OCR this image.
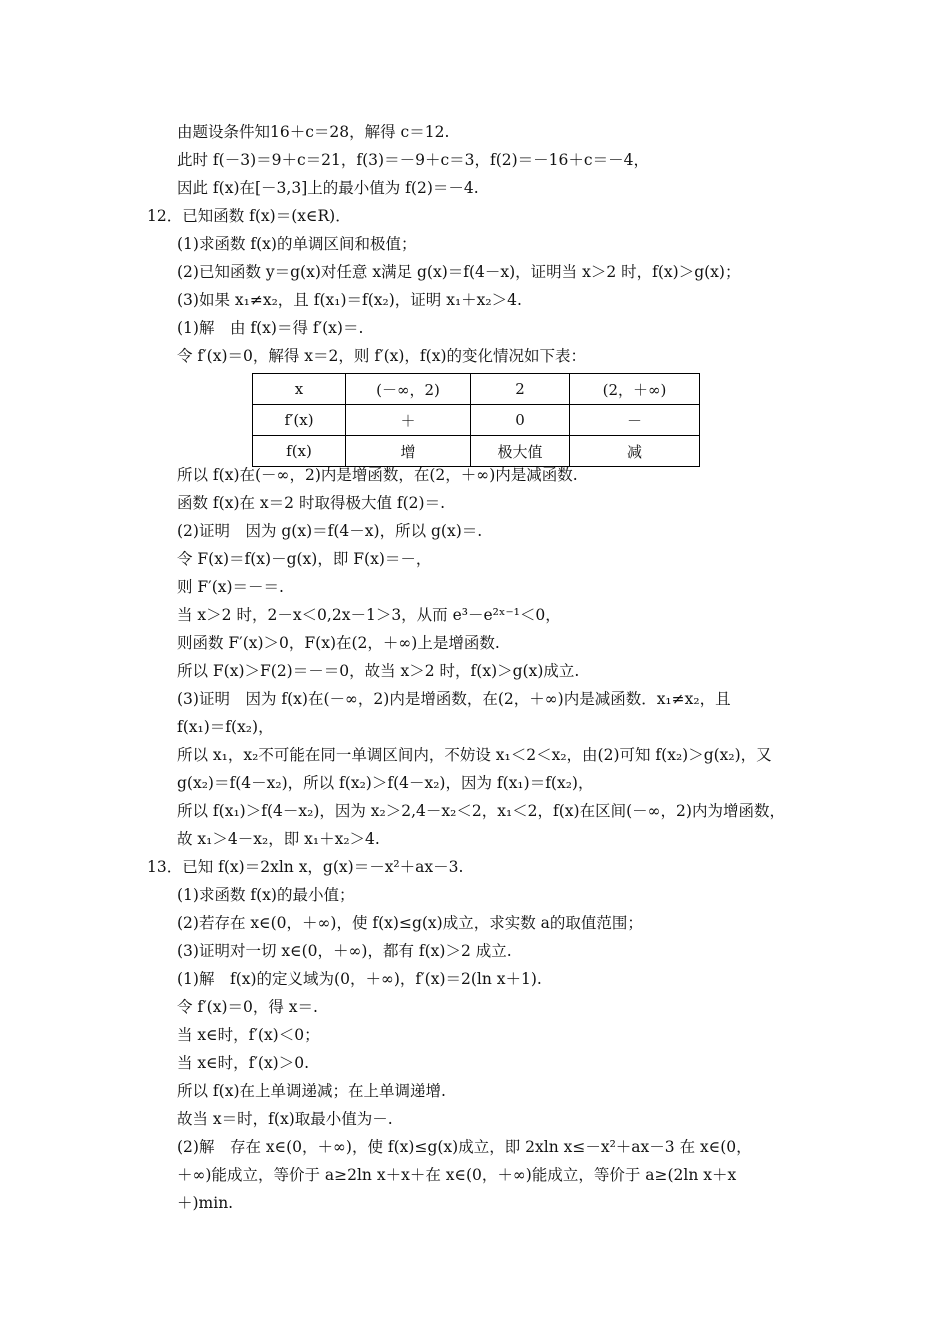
由题设条件知16＋c＝28，解得 c＝12.
此时 f(－3)＝9＋c＝21，f(3)＝－9＋c＝3，f(2)＝－16＋c＝－4，
因此 f(x)在[－3,3]上的最小值为 f(2)＝－4.
12．已知函数 f(x)＝(x∈R)．
(1)求函数 f(x)的单调区间和极值；
(2)已知函数 y＝g(x)对任意 x满足 g(x)＝f(4－x)，证明当 x＞2 时，f(x)＞g(x)；
(3)如果 x₁≠x₂，且 f(x₁)＝f(x₂)，证明 x₁＋x₂＞4.
(1)解　由 f(x)＝得 f′(x)＝.
令 f′(x)＝0，解得 x＝2，则 f′(x)，f(x)的变化情况如下表：
x	(－∞，2)	2	(2，＋∞)
f′(x)	＋	0	－
f(x)	增	极大值	减
所以 f(x)在(－∞，2)内是增函数，在(2，＋∞)内是减函数.
函数 f(x)在 x＝2 时取得极大值 f(2)＝.
(2)证明　因为 g(x)＝f(4－x)，所以 g(x)＝.
令 F(x)＝f(x)－g(x)，即 F(x)＝－，
则 F′(x)＝－＝.
当 x＞2 时，2－x＜0,2x－1＞3，从而 e³－e²ˣ⁻¹＜0，
则函数 F′(x)＞0，F(x)在(2，＋∞)上是增函数.
所以 F(x)＞F(2)＝－＝0，故当 x＞2 时，f(x)＞g(x)成立.
(3)证明　因为 f(x)在(－∞，2)内是增函数，在(2，＋∞)内是减函数．x₁≠x₂，且
f(x₁)＝f(x₂)，
所以 x₁，x₂不可能在同一单调区间内，不妨设 x₁＜2＜x₂，由(2)可知 f(x₂)＞g(x₂)，又
g(x₂)＝f(4－x₂)，所以 f(x₂)＞f(4－x₂)，因为 f(x₁)＝f(x₂)，
所以 f(x₁)＞f(4－x₂)，因为 x₂＞2,4－x₂＜2，x₁＜2，f(x)在区间(－∞，2)内为增函数，
故 x₁＞4－x₂，即 x₁＋x₂＞4.
13．已知 f(x)＝2xln x，g(x)＝－x²＋ax－3.
(1)求函数 f(x)的最小值；
(2)若存在 x∈(0，＋∞)，使 f(x)≤g(x)成立，求实数 a的取值范围；
(3)证明对一切 x∈(0，＋∞)，都有 f(x)＞2 成立.
(1)解　f(x)的定义域为(0，＋∞)，f′(x)＝2(ln x＋1).
令 f′(x)＝0，得 x＝.
当 x∈时，f′(x)＜0；
当 x∈时，f′(x)＞0.
所以 f(x)在上单调递减；在上单调递增.
故当 x＝时，f(x)取最小值为－.
(2)解　存在 x∈(0，＋∞)，使 f(x)≤g(x)成立，即 2xln x≤－x²＋ax－3 在 x∈(0，
＋∞)能成立，等价于 a≥2ln x＋x＋在 x∈(0，＋∞)能成立，等价于 a≥(2ln x＋x
＋)min.
